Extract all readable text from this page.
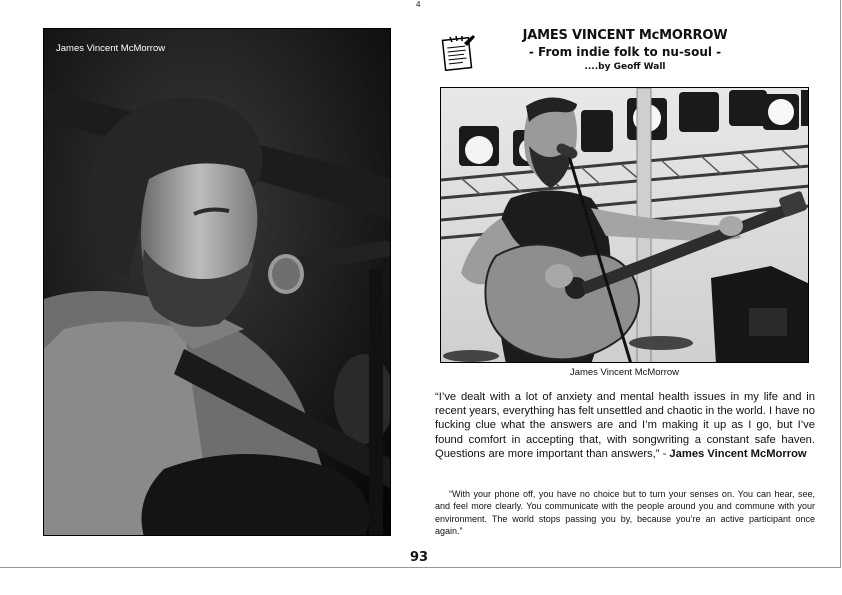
4
James Vincent McMorrow
JAMES VINCENT McMORROW
- From indie folk to nu-soul -
....by Geoff Wall
James Vincent McMorrow

“I’ve dealt with a lot of anxiety and mental health issues in my life and in recent years, everything has felt unsettled and chaotic in the world. I have no fucking clue what the answers are and I’m making it up as I go, but I’ve found comfort in accepting that, with songwriting a constant safe haven. Questions are more important than answers,” - James Vincent McMorrow

“With your phone off, you have no choice but to turn your senses on. You can hear, see, and feel more clearly. You communicate with the people around you and commune with your environment. The world stops passing you by, because you’re an active participant once again.”

93
